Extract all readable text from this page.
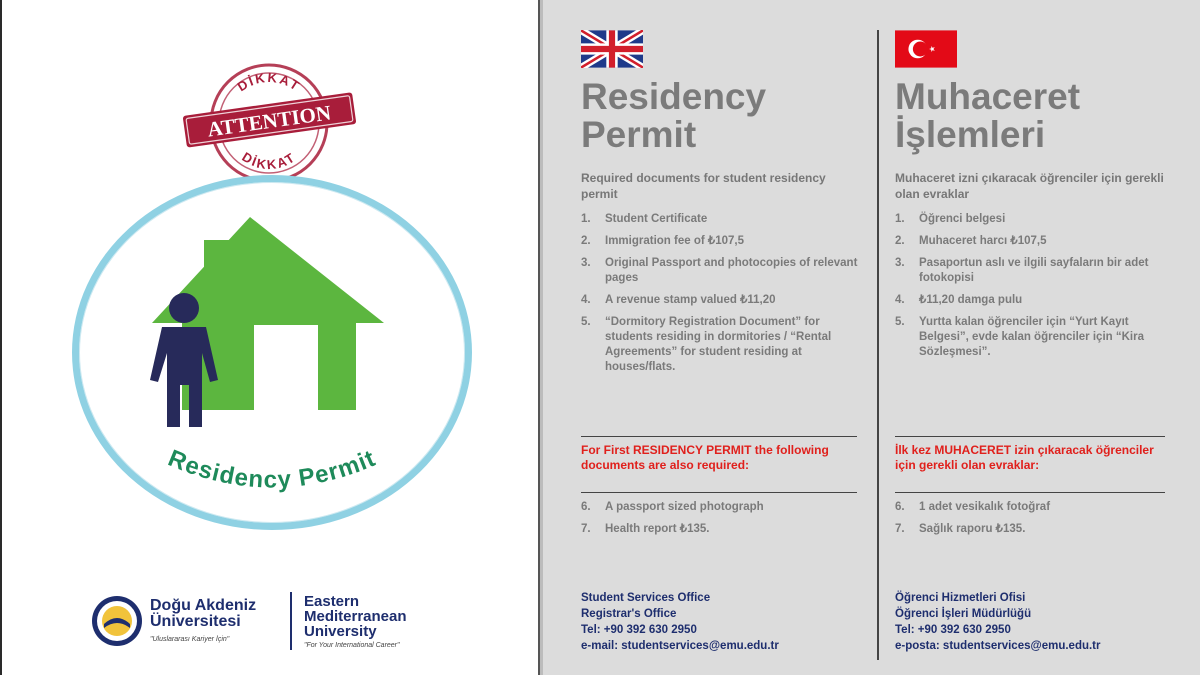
DİKKAT
DİKKAT
ATTENTION
Residency Permit
Doğu Akdeniz
Üniversitesi
"Uluslararası Kariyer İçin"
Eastern
Mediterranean
University
"For Your International Career"
Residency
Permit
Required documents for student residency permit
1. Student Certificate
2. Immigration fee of ₺107,5
3. Original Passport and photocopies of relevant pages
4. A revenue stamp valued ₺11,20
5. “Dormitory Registration Document” for students residing in dormitories / “Rental Agreements” for student residing at houses/flats.
For First RESIDENCY PERMIT the following documents are also required:
6. A passport sized photograph
7. Health report ₺135.
Student Services Office
Registrar's Office
Tel: +90 392 630 2950
e-mail: studentservices@emu.edu.tr
Muhaceret
İşlemleri
Muhaceret izni çıkaracak öğrenciler için gerekli olan evraklar
1. Öğrenci belgesi
2. Muhaceret harcı ₺107,5
3. Pasaportun aslı ve ilgili sayfaların bir adet fotokopisi
4. ₺11,20 damga pulu
5. Yurtta kalan öğrenciler için “Yurt Kayıt Belgesi”, evde kalan öğrenciler için “Kira Sözleşmesi”.
İlk kez MUHACERET izin çıkaracak öğrenciler için gerekli olan evraklar:
6. 1 adet vesikalık fotoğraf
7. Sağlık raporu ₺135.
Öğrenci Hizmetleri Ofisi
Öğrenci İşleri Müdürlüğü
Tel: +90 392 630 2950
e-posta: studentservices@emu.edu.tr
